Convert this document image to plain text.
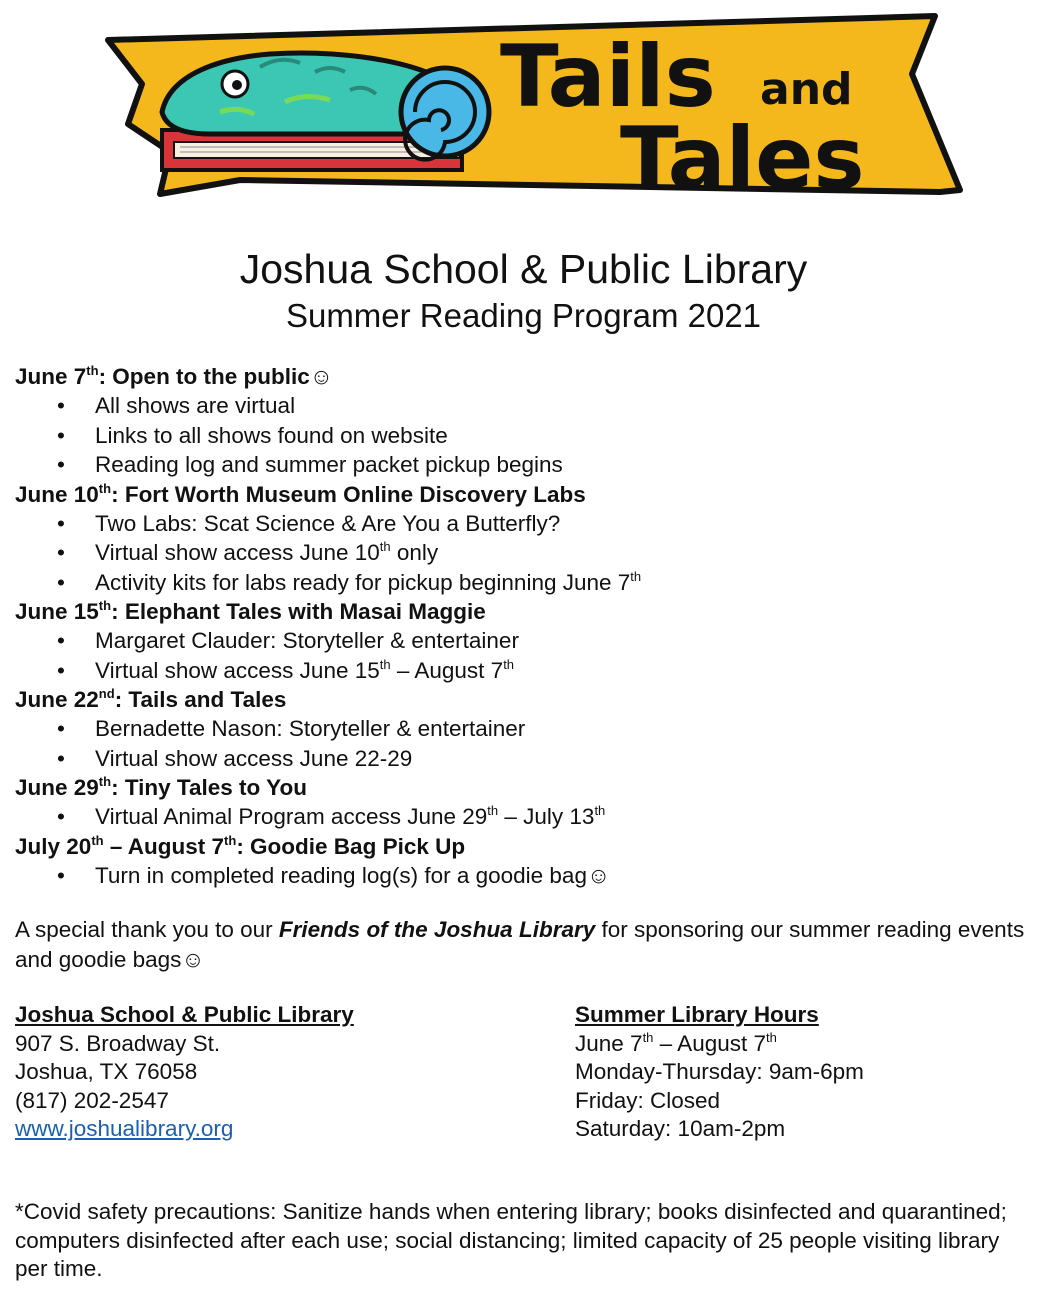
Tails and
Tales
Joshua School & Public Library
Summer Reading Program 2021
June 7th: Open to the public☺
• All shows are virtual
• Links to all shows found on website
• Reading log and summer packet pickup begins
June 10th: Fort Worth Museum Online Discovery Labs
• Two Labs: Scat Science & Are You a Butterfly?
• Virtual show access June 10th only
• Activity kits for labs ready for pickup beginning June 7th
June 15th: Elephant Tales with Masai Maggie
• Margaret Clauder: Storyteller & entertainer
• Virtual show access June 15th – August 7th
June 22nd: Tails and Tales
• Bernadette Nason: Storyteller & entertainer
• Virtual show access June 22-29
June 29th: Tiny Tales to You
• Virtual Animal Program access June 29th – July 13th
July 20th – August 7th: Goodie Bag Pick Up
• Turn in completed reading log(s) for a goodie bag☺
A special thank you to our Friends of the Joshua Library for sponsoring our summer reading events and goodie bags☺
Joshua School & Public Library
907 S. Broadway St.
Joshua, TX 76058
(817) 202-2547
www.joshualibrary.org
Summer Library Hours
June 7th – August 7th
Monday-Thursday: 9am-6pm
Friday: Closed
Saturday: 10am-2pm
*Covid safety precautions: Sanitize hands when entering library; books disinfected and quarantined; computers disinfected after each use; social distancing; limited capacity of 25 people visiting library per time.
